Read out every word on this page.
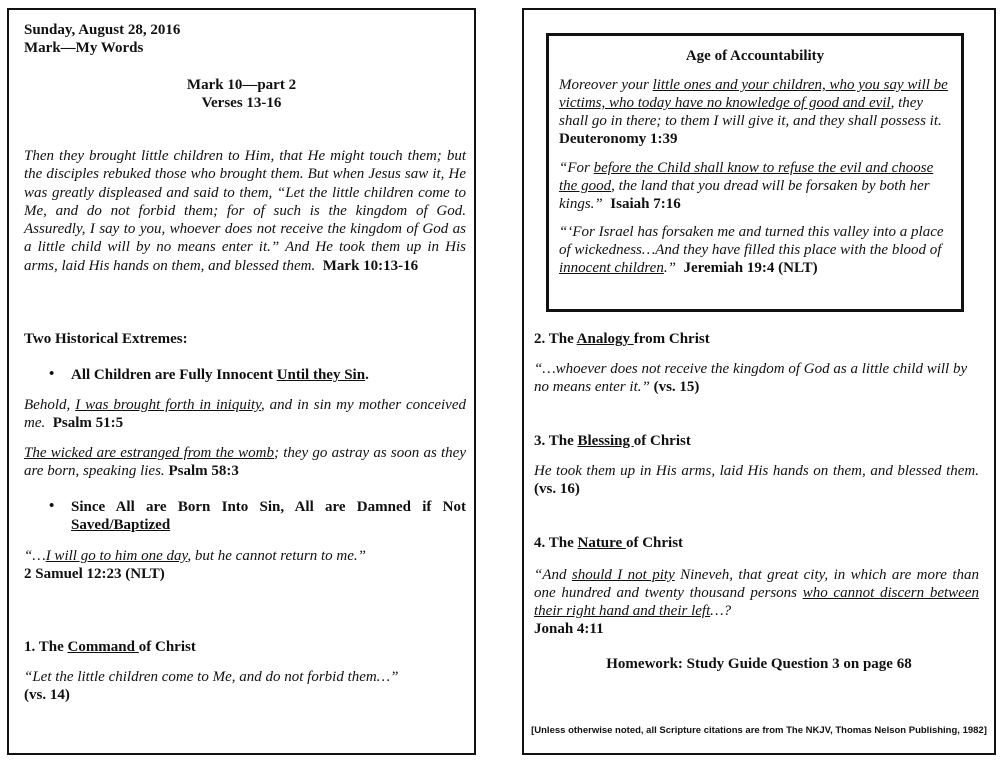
Sunday, August 28, 2016
Mark—My Words
Mark 10—part 2
Verses 13-16

Then they brought little children to Him, that He might touch them; but the disciples rebuked those who brought them. But when Jesus saw it, He was greatly displeased and said to them, “Let the little children come to Me, and do not forbid them; for of such is the kingdom of God. Assuredly, I say to you, whoever does not receive the kingdom of God as a little child will by no means enter it.” And He took them up in His arms, laid His hands on them, and blessed them. Mark 10:13-16

Two Historical Extremes:
• All Children are Fully Innocent Until they Sin.

Behold, I was brought forth in iniquity, and in sin my mother conceived me. Psalm 51:5

The wicked are estranged from the womb; they go astray as soon as they are born, speaking lies. Psalm 58:3

• Since All are Born Into Sin, All are Damned if Not Saved/Baptized
“…I will go to him one day, but he cannot return to me.”
2 Samuel 12:23 (NLT)
1. The Command of Christ
“Let the little children come to Me, and do not forbid them…”
(vs. 14)
Age of Accountability

Moreover your little ones and your children, who you say will be victims, who today have no knowledge of good and evil, they shall go in there; to them I will give it, and they shall possess it.  Deuteronomy 1:39

“For before the Child shall know to refuse the evil and choose the good, the land that you dread will be forsaken by both her kings.” Isaiah 7:16

“‘For Israel has forsaken me and turned this valley into a place of wickedness…And they have filled this place with the blood of innocent children.” Jeremiah 19:4 (NLT)

2. The Analogy from Christ

“…whoever does not receive the kingdom of God as a little child will by no means enter it.” (vs. 15)

3. The Blessing of Christ

He took them up in His arms, laid His hands on them, and blessed them. (vs. 16)

4. The Nature of Christ

“And should I not pity Nineveh, that great city, in which are more than one hundred and twenty thousand persons who cannot discern between their right hand and their left…?

Jonah 4:11
Homework: Study Guide Question 3 on page 68
[Unless otherwise noted, all Scripture citations are from The NKJV, Thomas Nelson Publishing, 1982]
